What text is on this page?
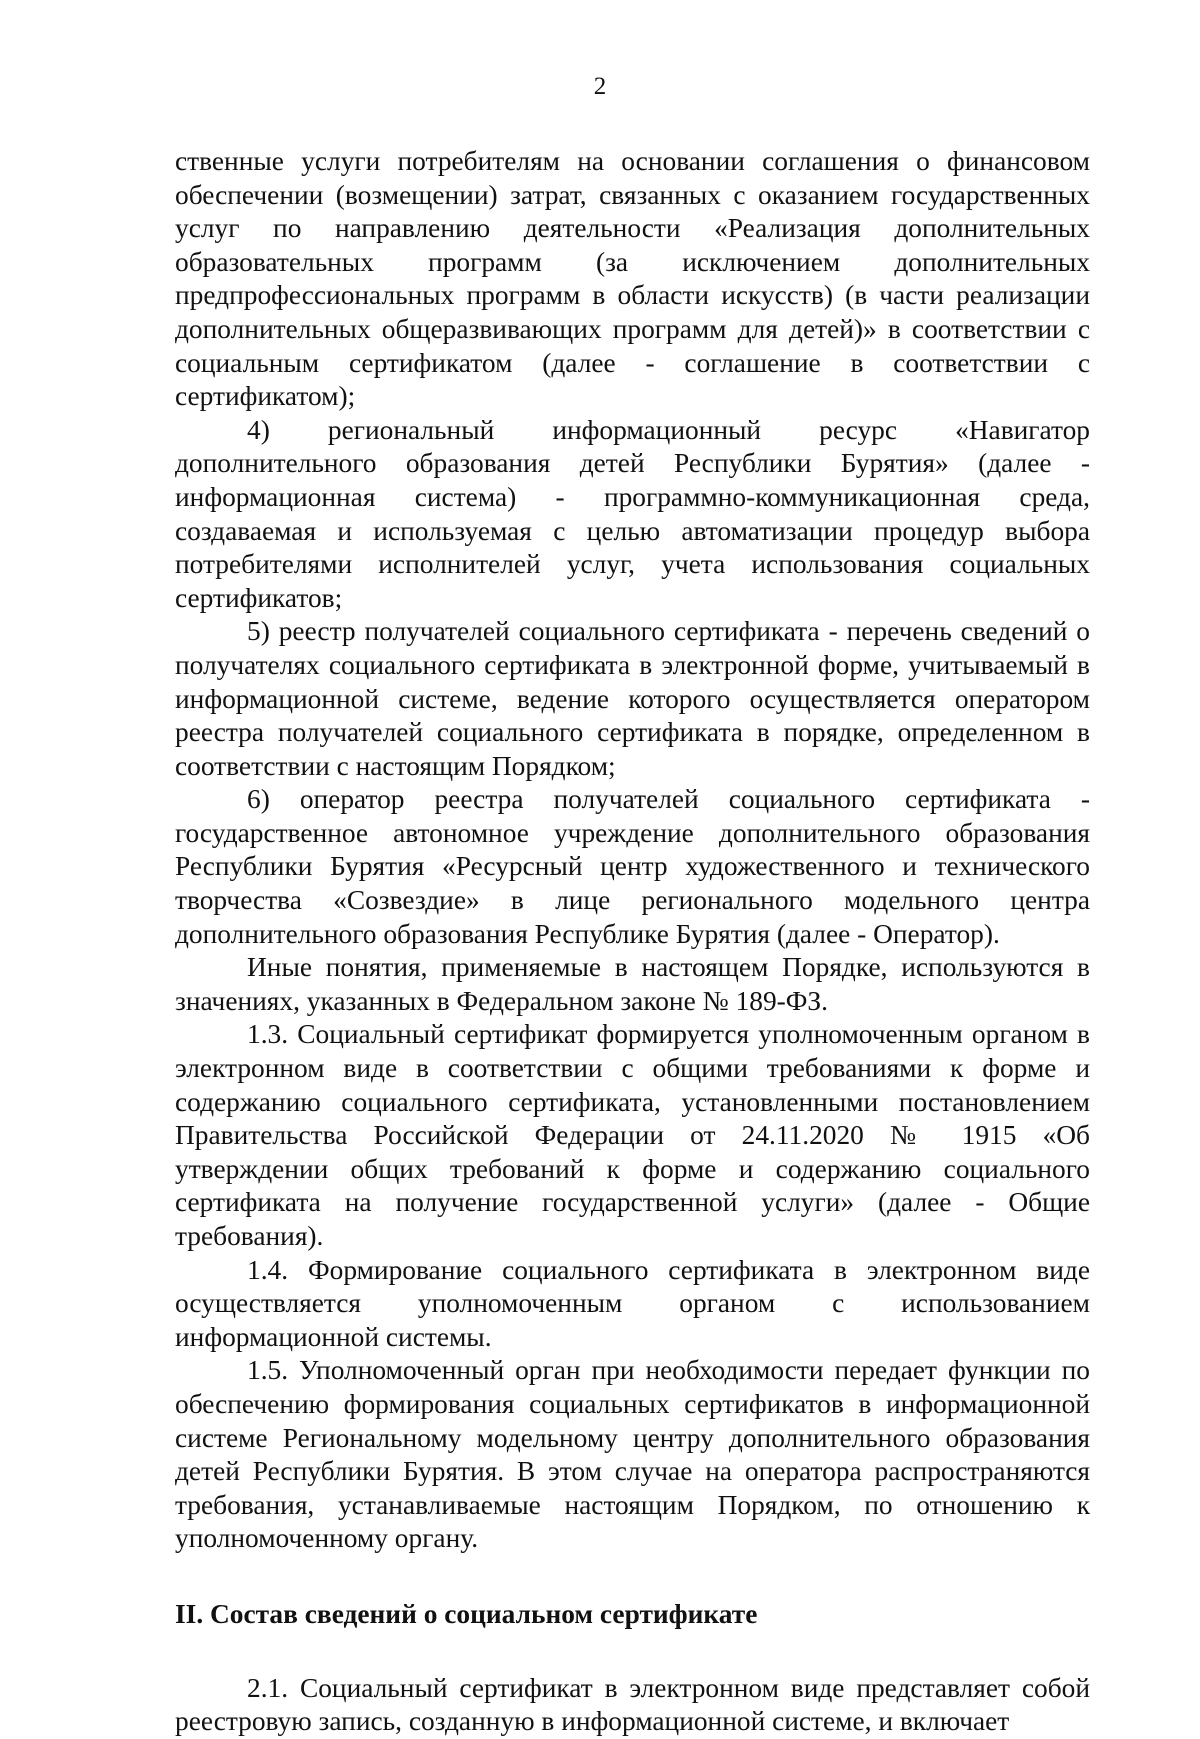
2

ственные услуги потребителям на основании соглашения о финансовом обеспечении (возмещении) затрат, связанных с оказанием государственных услуг по направлению деятельности «Реализация дополнительных образовательных программ (за исключением дополнительных предпрофессиональных программ в области искусств) (в части реализации дополнительных общеразвивающих программ для детей)» в соответствии с социальным сертификатом (далее - соглашение в соответствии с сертификатом);

4) региональный информационный ресурс «Навигатор дополнительного образования детей Республики Бурятия» (далее - информационная система) - программно-коммуникационная среда, создаваемая и используемая с целью автоматизации процедур выбора потребителями исполнителей услуг, учета использования социальных сертификатов;

5) реестр получателей социального сертификата - перечень сведений о получателях социального сертификата в электронной форме, учитываемый в информационной системе, ведение которого осуществляется оператором реестра получателей социального сертификата в порядке, определенном в соответствии с настоящим Порядком;

6) оператор реестра получателей социального сертификата - государственное автономное учреждение дополнительного образования Республики Бурятия «Ресурсный центр художественного и технического творчества «Созвездие» в лице регионального модельного центра дополнительного образования Республике Бурятия (далее - Оператор).

Иные понятия, применяемые в настоящем Порядке, используются в значениях, указанных в Федеральном законе № 189-ФЗ.

1.3. Социальный сертификат формируется уполномоченным органом в электронном виде в соответствии с общими требованиями к форме и содержанию социального сертификата, установленными постановлением Правительства Российской Федерации от 24.11.2020 № 1915 «Об утверждении общих требований к форме и содержанию социального сертификата на получение государственной услуги» (далее - Общие требования).

1.4. Формирование социального сертификата в электронном виде осуществляется уполномоченным органом с использованием информационной системы.

1.5. Уполномоченный орган при необходимости передает функции по обеспечению формирования социальных сертификатов в информационной системе Региональному модельному центру дополнительного образования детей Республики Бурятия. В этом случае на оператора распространяются требования, устанавливаемые настоящим Порядком, по отношению к уполномоченному органу.

II. Состав сведений о социальном сертификате

2.1. Социальный сертификат в электронном виде представляет собой реестровую запись, созданную в информационной системе, и включает
